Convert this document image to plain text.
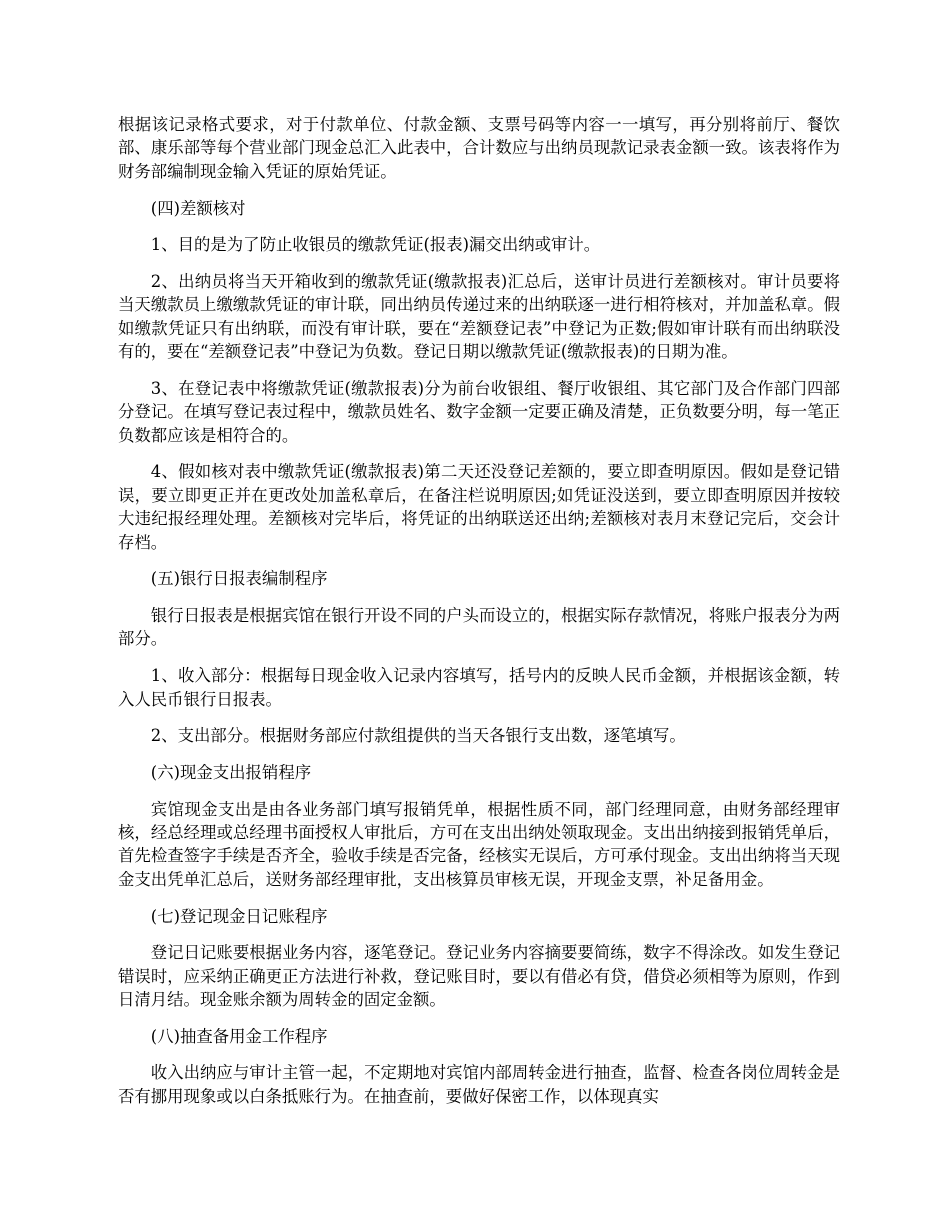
根据该记录格式要求，对于付款单位、付款金额、支票号码等内容一一填写，再分别将前厅、餐饮部、康乐部等每个营业部门现金总汇入此表中，合计数应与出纳员现款记录表金额一致。该表将作为财务部编制现金输入凭证的原始凭证。

(四)差额核对

1、目的是为了防止收银员的缴款凭证(报表)漏交出纳或审计。

2、出纳员将当天开箱收到的缴款凭证(缴款报表)汇总后，送审计员进行差额核对。审计员要将当天缴款员上缴缴款凭证的审计联，同出纳员传递过来的出纳联逐一进行相符核对，并加盖私章。假如缴款凭证只有出纳联，而没有审计联，要在“差额登记表”中登记为正数;假如审计联有而出纳联没有的，要在“差额登记表”中登记为负数。登记日期以缴款凭证(缴款报表)的日期为准。

3、在登记表中将缴款凭证(缴款报表)分为前台收银组、餐厅收银组、其它部门及合作部门四部分登记。在填写登记表过程中，缴款员姓名、数字金额一定要正确及清楚，正负数要分明，每一笔正负数都应该是相符合的。

4、假如核对表中缴款凭证(缴款报表)第二天还没登记差额的，要立即查明原因。假如是登记错误，要立即更正并在更改处加盖私章后，在备注栏说明原因;如凭证没送到，要立即查明原因并按较大违纪报经理处理。差额核对完毕后，将凭证的出纳联送还出纳;差额核对表月末登记完后，交会计存档。

(五)银行日报表编制程序

银行日报表是根据宾馆在银行开设不同的户头而设立的，根据实际存款情况，将账户报表分为两部分。

1、收入部分：根据每日现金收入记录内容填写，括号内的反映人民币金额，并根据该金额，转入人民币银行日报表。

2、支出部分。根据财务部应付款组提供的当天各银行支出数，逐笔填写。

(六)现金支出报销程序

宾馆现金支出是由各业务部门填写报销凭单，根据性质不同，部门经理同意，由财务部经理审核，经总经理或总经理书面授权人审批后，方可在支出出纳处领取现金。支出出纳接到报销凭单后，首先检查签字手续是否齐全，验收手续是否完备，经核实无误后，方可承付现金。支出出纳将当天现金支出凭单汇总后，送财务部经理审批，支出核算员审核无误，开现金支票，补足备用金。

(七)登记现金日记账程序

登记日记账要根据业务内容，逐笔登记。登记业务内容摘要要简练，数字不得涂改。如发生登记错误时，应采纳正确更正方法进行补救，登记账目时，要以有借必有贷，借贷必须相等为原则，作到日清月结。现金账余额为周转金的固定金额。

(八)抽查备用金工作程序

收入出纳应与审计主管一起，不定期地对宾馆内部周转金进行抽查，监督、检查各岗位周转金是否有挪用现象或以白条抵账行为。在抽查前，要做好保密工作，以体现真实
